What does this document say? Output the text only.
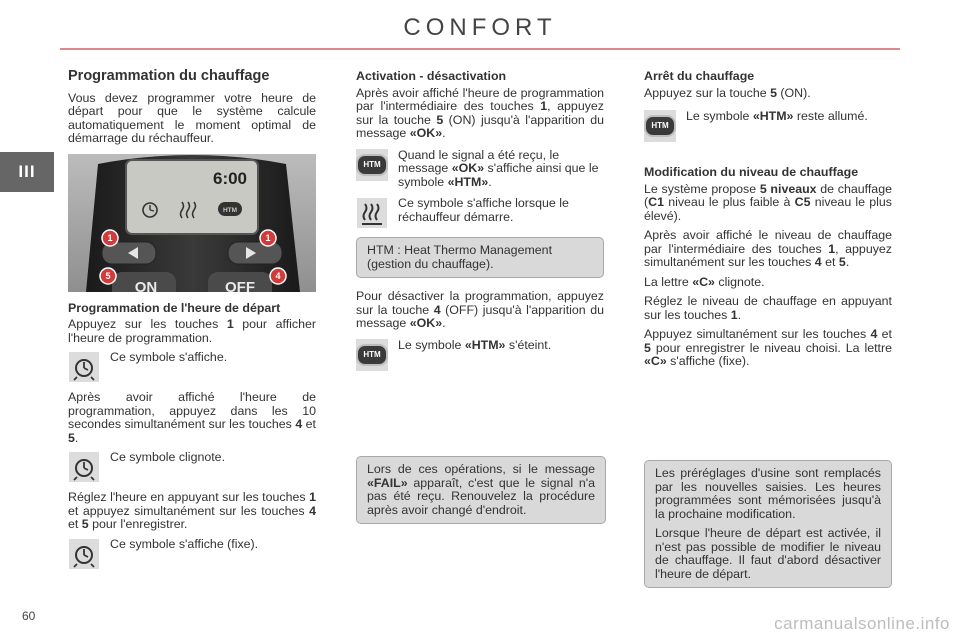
CONFORT
III
60	carmanualsonline.info
Programmation du chauffage

Vous devez programmer votre heure de départ pour que le système calcule automatiquement le moment optimal de démarrage du réchauffeur.

HTM
6:00
ON	OFF
1	1
5	4
Programmation de l'heure de départ

Appuyez sur les touches 1 pour afficher l'heure de programmation.

Ce symbole s'affiche.

Après avoir affiché l'heure de programmation, appuyez dans les 10 secondes simultanément sur les touches 4 et 5.

Ce symbole clignote.

Réglez l'heure en appuyant sur les touches 1 et appuyez simultanément sur les touches 4 et 5 pour l'enregistrer.

Ce symbole s'affiche (fixe).
Activation - désactivation

Après avoir affiché l'heure de programmation par l'intermédiaire des touches 1, appuyez sur la touche 5 (ON) jusqu'à l'apparition du message «OK».

HTM
Quand le signal a été reçu, le message «OK» s'affiche ainsi que le symbole «HTM».
Ce symbole s'affiche lorsque le réchauffeur démarre.

HTM : Heat Thermo Management (gestion du chauffage).

Pour désactiver la programmation, appuyez sur la touche 4 (OFF) jusqu'à l'apparition du message «OK».

HTM
Le symbole «HTM» s'éteint.

Lors de ces opérations, si le message «FAIL» apparaît, c'est que le signal n'a pas été reçu. Renouvelez la procédure après avoir changé d'endroit.

Arrêt du chauffage

Appuyez sur la touche 5 (ON).

HTM
Le symbole «HTM» reste allumé.
Modification du niveau de chauffage

Le système propose 5 niveaux de chauffage (C1 niveau le plus faible à C5 niveau le plus élevé).

Après avoir affiché le niveau de chauffage par l'intermédiaire des touches 1, appuyez simultanément sur les touches 4 et 5.

La lettre «C» clignote.

Réglez le niveau de chauffage en appuyant sur les touches 1.

Appuyez simultanément sur les touches 4 et 5 pour enregistrer le niveau choisi. La lettre «C» s'affiche (fixe).

Les préréglages d'usine sont remplacés par les nouvelles saisies. Les heures programmées sont mémorisées jusqu'à la prochaine modification.

Lorsque l'heure de départ est activée, il n'est pas possible de modifier le niveau de chauffage. Il faut d'abord désactiver l'heure de départ.
